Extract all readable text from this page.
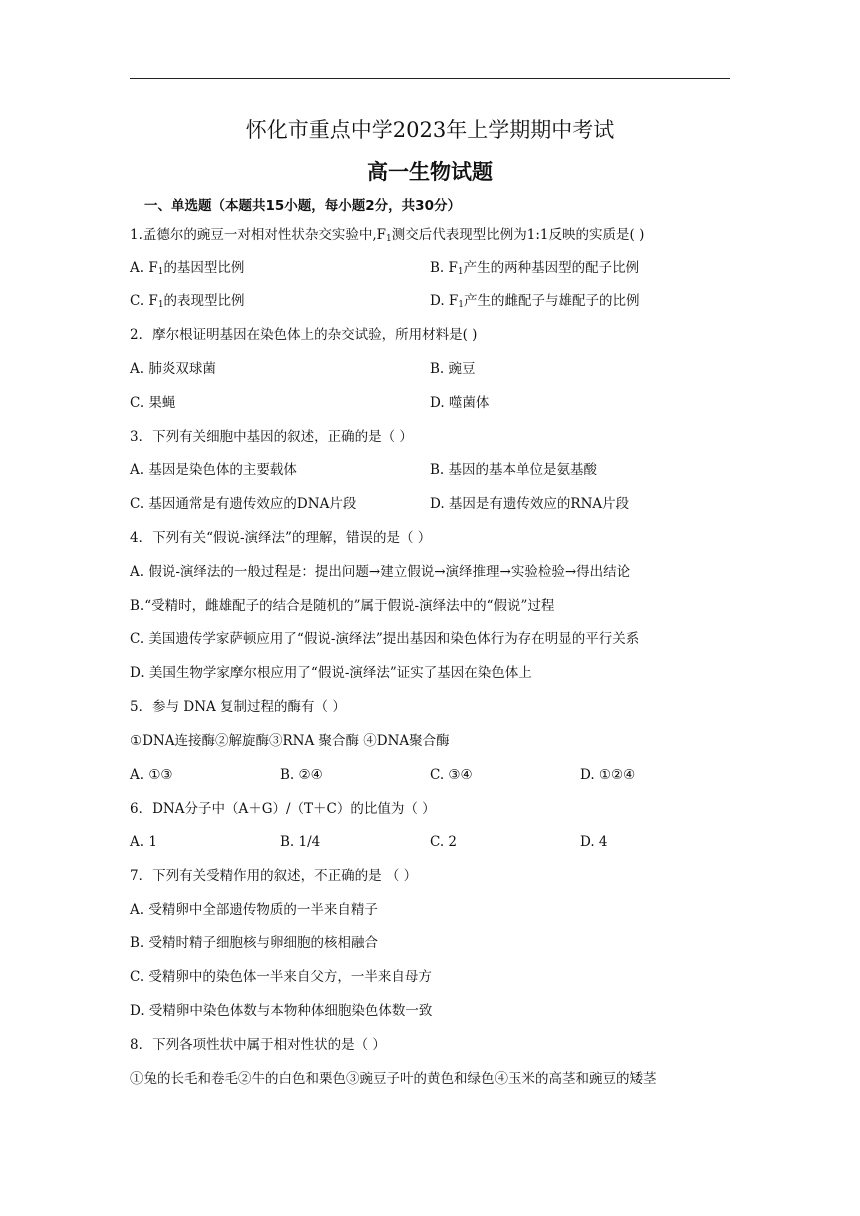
怀化市重点中学2023年上学期期中考试
高一生物试题
一、单选题（本题共15小题，每小题2分，共30分）
1.孟德尔的豌豆一对相对性状杂交实验中$,F_1$测交后代表现型比例为1:1反映的实质是( )
A. $F_1$的基因型比例	B. $F_1$产生的两种基因型的配子比例
C. $F_1$的表现型比例	D. $F_1$产生的雌配子与雄配子的比例
2．摩尔根证明基因在染色体上的杂交试验，所用材料是( )
A. 肺炎双球菌	B. 豌豆
C. 果蝇	D. 噬菌体
3．下列有关细胞中基因的叙述，正确的是（ ）
A. 基因是染色体的主要载体	B. 基因的基本单位是氨基酸
C. 基因通常是有遗传效应的DNA片段	D. 基因是有遗传效应的RNA片段
4．下列有关“假说-演绎法”的理解，错误的是（ ）
A. 假说-演绎法的一般过程是：提出问题→建立假说→演绎推理→实验检验→得出结论
B.“受精时，雌雄配子的结合是随机的”属于假说-演绎法中的“假说”过程
C. 美国遗传学家萨顿应用了“假说-演绎法”提出基因和染色体行为存在明显的平行关系
D. 美国生物学家摩尔根应用了“假说-演绎法”证实了基因在染色体上
5．参与 DNA 复制过程的酶有（ ）
①DNA连接酶②解旋酶③RNA 聚合酶 ④DNA聚合酶
A. ①③	B. ②④	C. ③④	D. ①②④
6．DNA分子中（A＋G）/（T＋C）的比值为（ ）
A. 1	B. 1/4	C. 2	D. 4
7．下列有关受精作用的叙述，不正确的是 （ ）
A. 受精卵中全部遗传物质的一半来自精子
B. 受精时精子细胞核与卵细胞的核相融合
C. 受精卵中的染色体一半来自父方，一半来自母方
D. 受精卵中染色体数与本物种体细胞染色体数一致
8．下列各项性状中属于相对性状的是（ ）
①兔的长毛和卷毛②牛的白色和栗色③豌豆子叶的黄色和绿色④玉米的高茎和豌豆的矮茎
